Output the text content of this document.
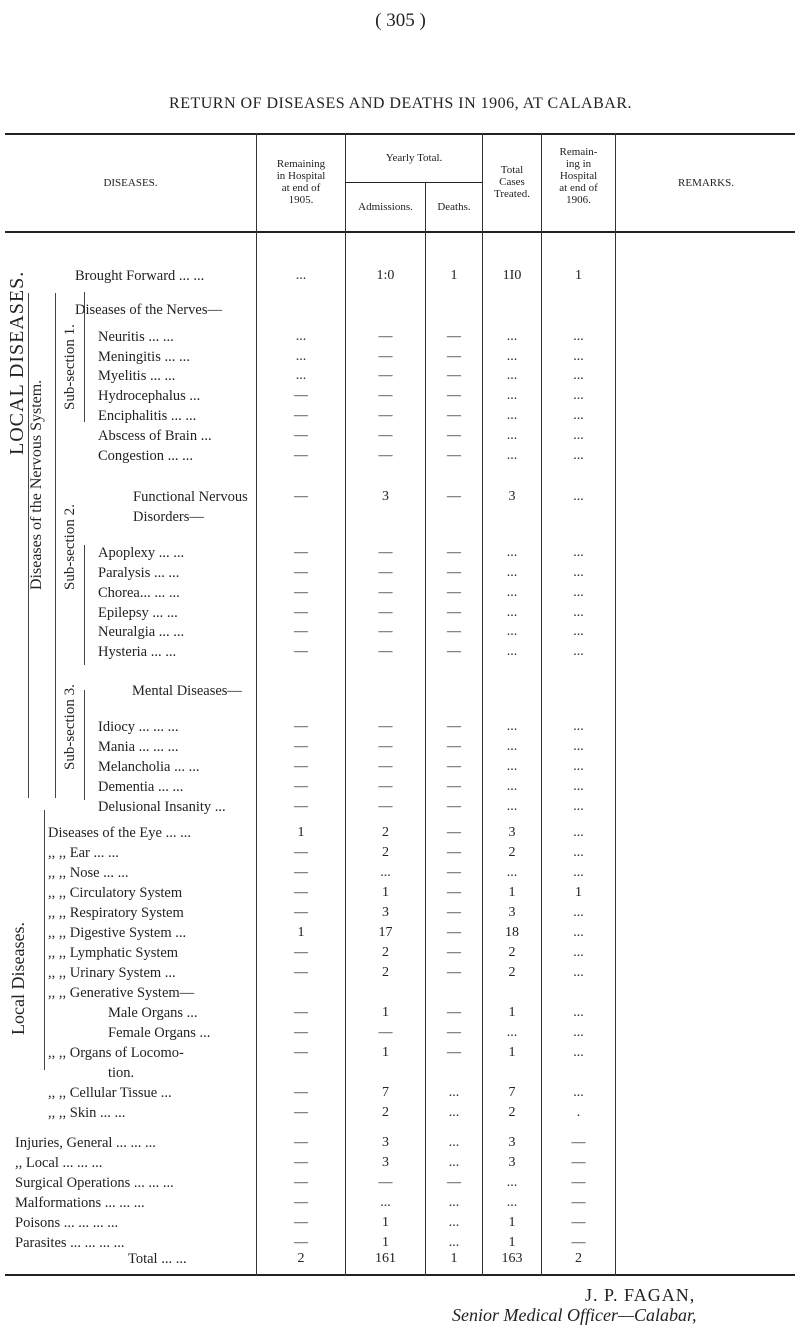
( 305 )
RETURN OF DISEASES AND DEATHS IN 1906, AT CALABAR.
DISEASES.
Remaining
in Hospital
at end of
1905.
Yearly Total.
Admissions.	Deaths.
Total
Cases
Treated.
Remain-
ing in
Hospital
at end of
1906.
REMARKS.
LOCAL DISEASES.
Diseases of the Nervous System.
Sub-section 1.
Sub-section 2.
Sub-section 3.
Local Diseases.
Brought Forward ... ...	...	1:0	1	1I0	1
Diseases of the Nerves—
Neuritis ... ...	...	—	—	...	...
Meningitis ... ...	...	—	—	...	...
Myelitis ... ...	...	—	—	...	...
Hydrocephalus ...	—	—	—	...	...
Enciphalitis ... ...	—	—	—	...	...
Abscess of Brain ...	—	—	—	...	...
Congestion ... ...	—	—	—	...	...
Functional Nervous	—	3	—	3	...
Disorders—
Apoplexy ... ...	—	—	—	...	...
Paralysis ... ...	—	—	—	...	...
Chorea... ... ...	—	—	—	...	...
Epilepsy ... ...	—	—	—	...	...
Neuralgia ... ...	—	—	—	...	...
Hysteria ... ...	—	—	—	...	...
Mental Diseases—
Idiocy ... ... ...	—	—	—	...	...
Mania ... ... ...	—	—	—	...	...
Melancholia ... ...	—	—	—	...	...
Dementia ... ...	—	—	—	...	...
Delusional Insanity ...	—	—	—	...	...
Diseases of the Eye ... ...	1	2	—	3	...
,, ,, Ear ... ...	—	2	—	2	...
,, ,, Nose ... ...	—	...	—	...	...
,, ,, Circulatory System	—	1	—	1	1
,, ,, Respiratory System	—	3	—	3	...
,, ,, Digestive System ...	1	17	—	18	...
,, ,, Lymphatic System	—	2	—	2	...
,, ,, Urinary System ...	—	2	—	2	...
,, ,, Generative System—
Male Organs ...	—	1	—	1	...
Female Organs ...	—	—	—	...	...
,, ,, Organs of Locomo-	—	1	—	1	...
tion.
,, ,, Cellular Tissue ...	—	7	...	7	...
,, ,, Skin ... ...	—	2	...	2	.
Injuries, General ... ... ...	—	3	...	3	—
,, Local ... ... ...	—	3	...	3	—
Surgical Operations ... ... ...	—	—	—	...	—
Malformations ... ... ...	—	...	...	...	—
Poisons ... ... ... ...	—	1	...	1	—
Parasites ... ... ... ...	—	1	...	1	—
Total ... ...	2	161	1	163	2
J. P. FAGAN,
Senior Medical Officer—Calabar,
